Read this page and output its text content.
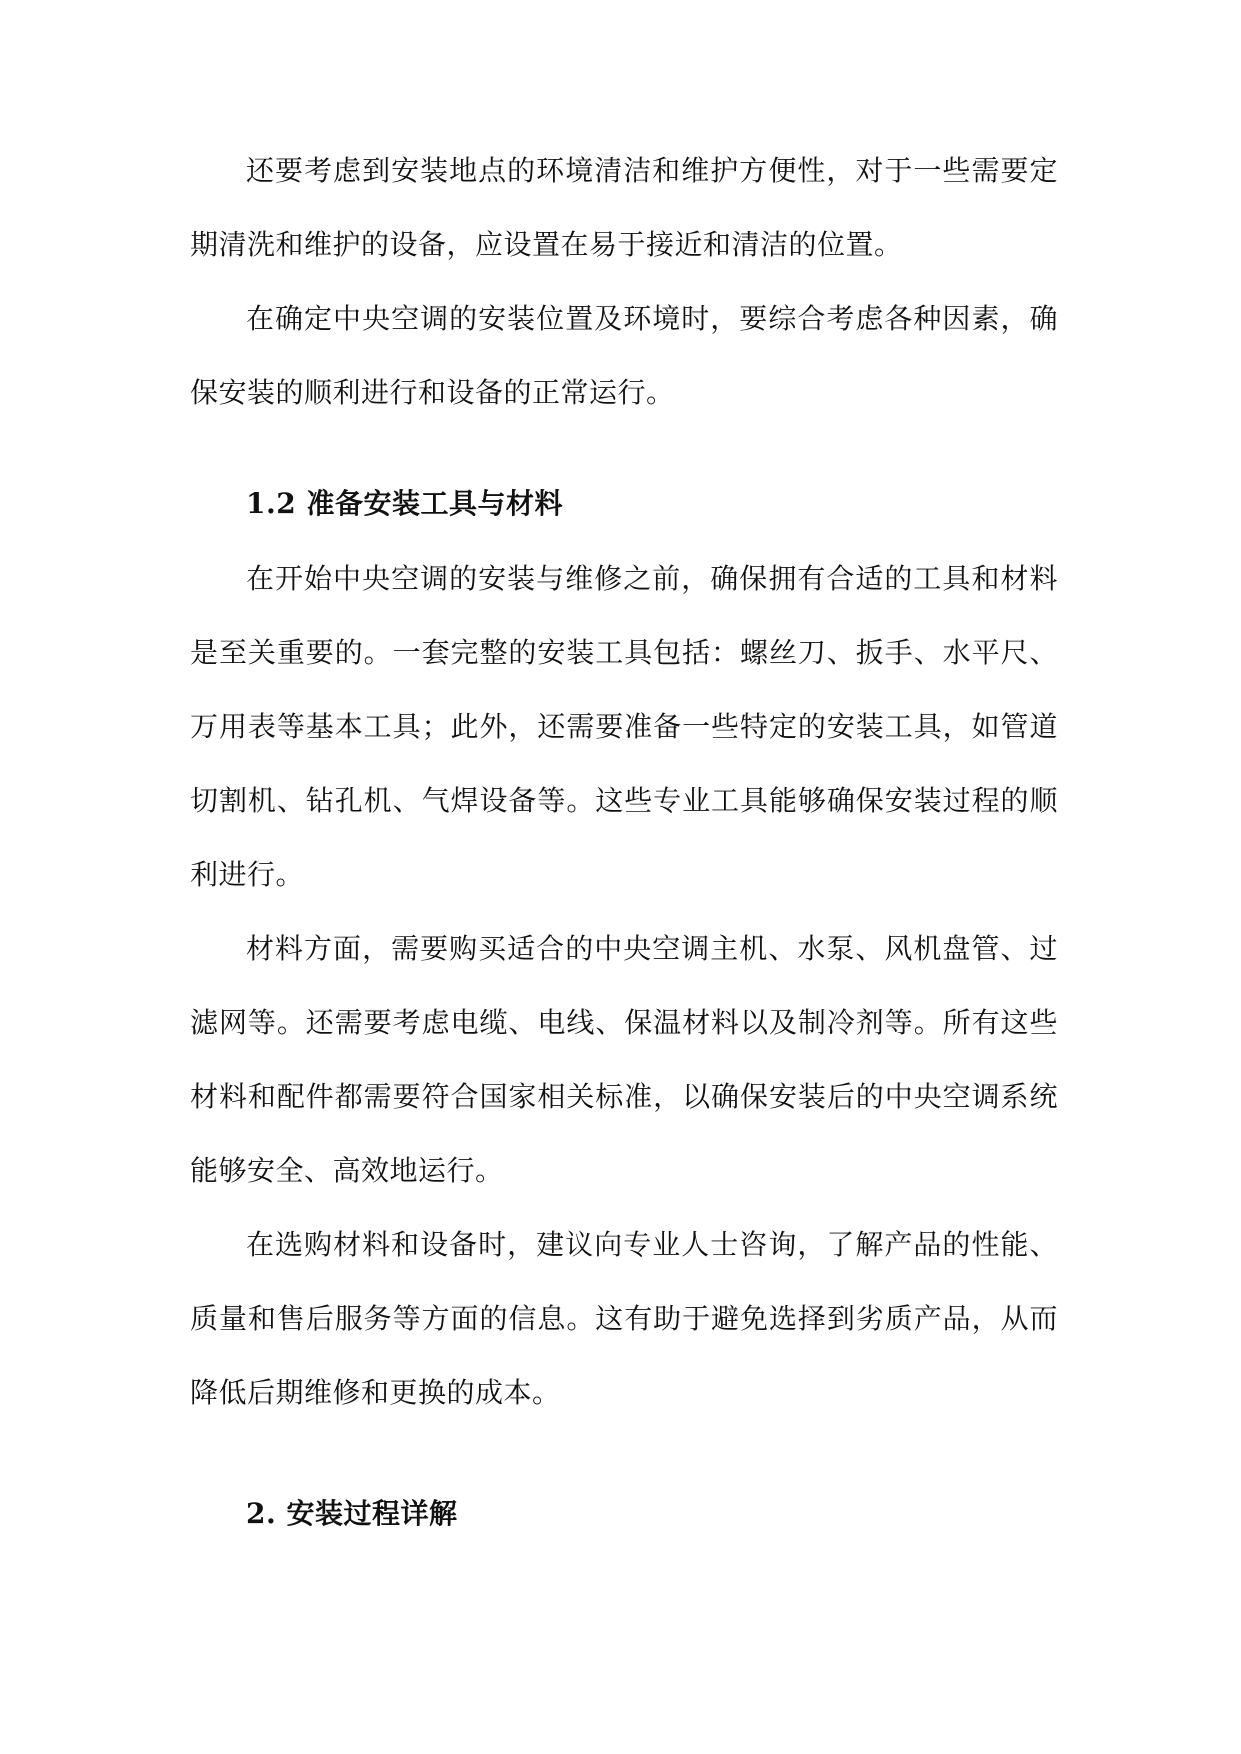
还要考虑到安装地点的环境清洁和维护方便性，对于一些需要定期清洗和维护的设备，应设置在易于接近和清洁的位置。

在确定中央空调的安装位置及环境时，要综合考虑各种因素，确保安装的顺利进行和设备的正常运行。

1.2 准备安装工具与材料

在开始中央空调的安装与维修之前，确保拥有合适的工具和材料是至关重要的。一套完整的安装工具包括：螺丝刀、扳手、水平尺、万用表等基本工具；此外，还需要准备一些特定的安装工具，如管道切割机、钻孔机、气焊设备等。这些专业工具能够确保安装过程的顺利进行。

材料方面，需要购买适合的中央空调主机、水泵、风机盘管、过滤网等。还需要考虑电缆、电线、保温材料以及制冷剂等。所有这些材料和配件都需要符合国家相关标准，以确保安装后的中央空调系统能够安全、高效地运行。

在选购材料和设备时，建议向专业人士咨询，了解产品的性能、质量和售后服务等方面的信息。这有助于避免选择到劣质产品，从而降低后期维修和更换的成本。

2. 安装过程详解
